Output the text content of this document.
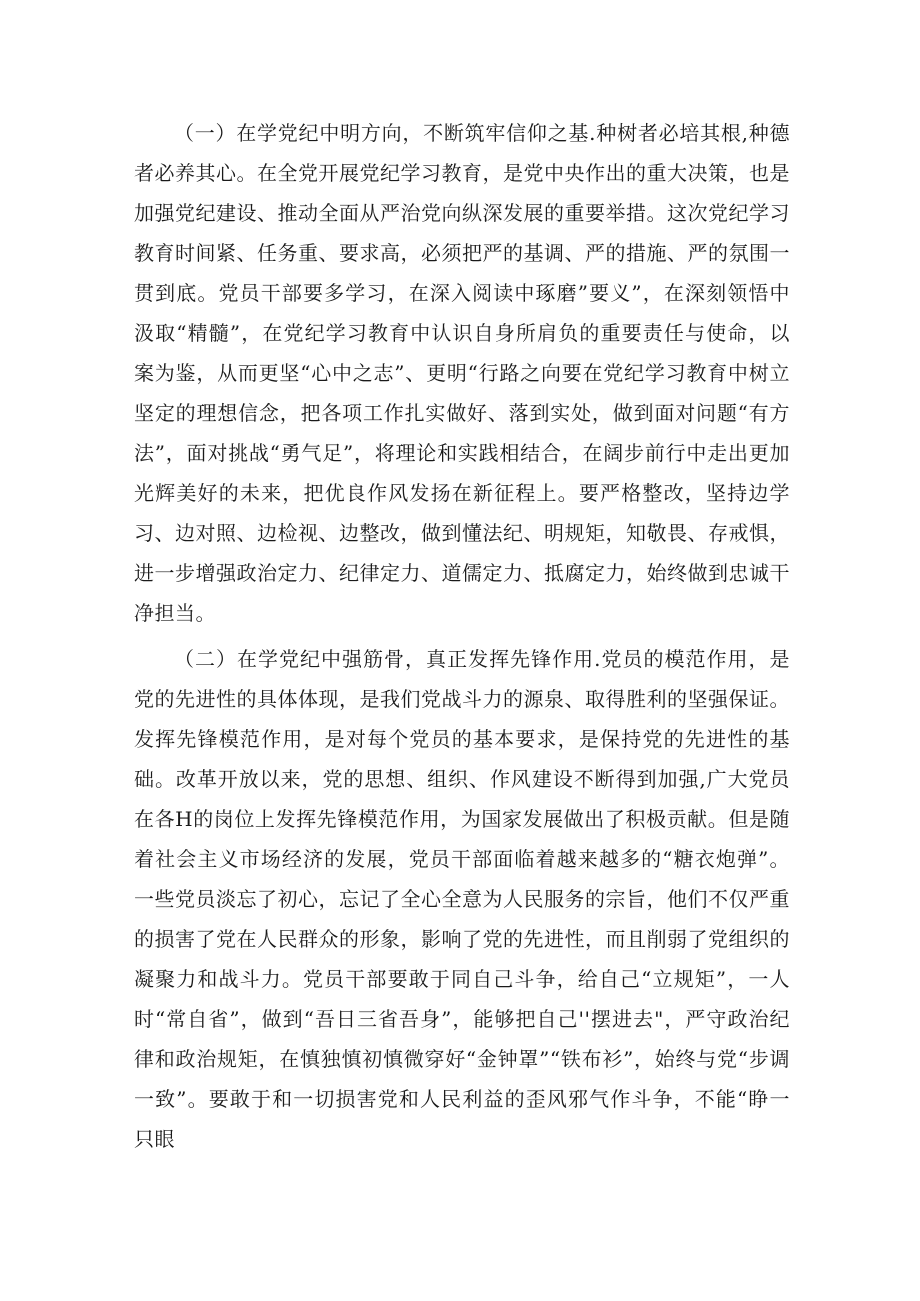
（一）在学党纪中明方向，不断筑牢信仰之基.种树者必培其根,种德者必养其心。在全党开展党纪学习教育，是党中央作出的重大决策，也是加强党纪建设、推动全面从严治党向纵深发展的重要举措。这次党纪学习教育时间紧、任务重、要求高，必须把严的基调、严的措施、严的氛围一贯到底。党员干部要多学习，在深入阅读中琢磨”要义”，在深刻领悟中汲取“精髓”，在党纪学习教育中认识自身所肩负的重要责任与使命，以案为鉴，从而更坚“心中之志”、更明“行路之向要在党纪学习教育中树立坚定的理想信念，把各项工作扎实做好、落到实处，做到面对问题“有方法”，面对挑战“勇气足”，将理论和实践相结合，在阔步前行中走出更加光辉美好的未来，把优良作风发扬在新征程上。要严格整改，坚持边学习、边对照、边检视、边整改，做到懂法纪、明规矩，知敬畏、存戒惧，进一步增强政治定力、纪律定力、道儒定力、抵腐定力，始终做到忠诚干净担当。

（二）在学党纪中强筋骨，真正发挥先锋作用.党员的模范作用，是党的先进性的具体体现，是我们党战斗力的源泉、取得胜利的坚强保证。发挥先锋模范作用，是对每个党员的基本要求，是保持党的先进性的基础。改革开放以来，党的思想、组织、作风建设不断得到加强,广大党员在各H的岗位上发挥先锋模范作用，为国家发展做出了积极贡献。但是随着社会主义市场经济的发展，党员干部面临着越来越多的“糖衣炮弹”。一些党员淡忘了初心，忘记了全心全意为人民服务的宗旨，他们不仅严重的损害了党在人民群众的形象，影响了党的先进性，而且削弱了党组织的凝聚力和战斗力。党员干部要敢于同自己斗争，给自己“立规矩”，一人时“常自省”，做到“吾日三省吾身”，能够把自己''摆进去"，严守政治纪律和政治规矩，在慎独慎初慎微穿好“金钟罩”“铁布衫”，始终与党“步调一致”。要敢于和一切损害党和人民利益的歪风邪气作斗争，不能“睁一只眼
